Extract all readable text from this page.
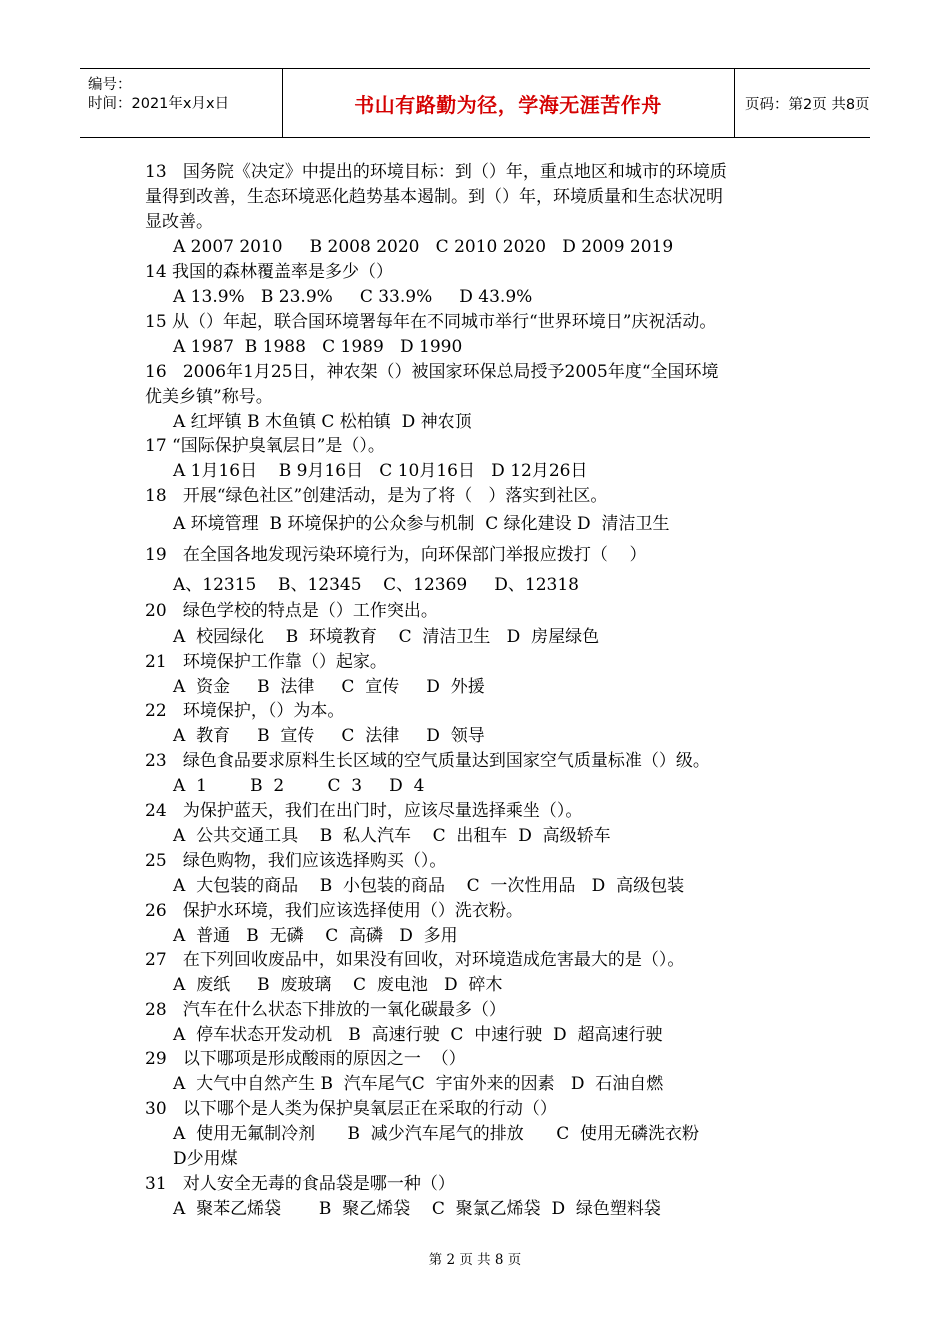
编号：
时间：2021年x月x日	书山有路勤为径，学海无涯苦作舟	页码：第2页 共8页
13   国务院《决定》中提出的环境目标：到（）年，重点地区和城市的环境质
量得到改善，生态环境恶化趋势基本遏制。到（）年，环境质量和生态状况明
显改善。
A 2007 2010     B 2008 2020   C 2010 2020   D 2009 2019
14 我国的森林覆盖率是多少（）
A 13.9%   B 23.9%     C 33.9%     D 43.9%
15 从（）年起，联合国环境署每年在不同城市举行“世界环境日”庆祝活动。
A 1987  B 1988   C 1989   D 1990
16   2006年1月25日，神农架（）被国家环保总局授予2005年度“全国环境
优美乡镇”称号。
A 红坪镇 B 木鱼镇 C 松柏镇  D 神农顶
17 “国际保护臭氧层日”是（）。
A 1月16日    B 9月16日   C 10月16日   D 12月26日
18   开展“绿色社区”创建活动，是为了将（   ）落实到社区。
A 环境管理  B 环境保护的公众参与机制  C 绿化建设 D  清洁卫生
19   在全国各地发现污染环境行为，向环保部门举报应拨打（    ）
A、12315    B、12345    C、12369     D、12318
20   绿色学校的特点是（）工作突出。
A  校园绿化    B  环境教育    C  清洁卫生   D  房屋绿色
21   环境保护工作靠（）起家。
A  资金     B  法律     C  宣传     D  外援
22   环境保护，（）为本。
A  教育     B  宣传     C  法律     D  领导
23   绿色食品要求原料生长区域的空气质量达到国家空气质量标准（）级。
A  1        B  2        C  3     D  4
24   为保护蓝天，我们在出门时，应该尽量选择乘坐（）。
A  公共交通工具    B  私人汽车    C  出租车  D  高级轿车
25   绿色购物，我们应该选择购买（）。
A  大包装的商品    B  小包装的商品    C  一次性用品   D  高级包装
26   保护水环境，我们应该选择使用（）洗衣粉。
A  普通   B  无磷    C  高磷   D  多用
27   在下列回收废品中，如果没有回收，对环境造成危害最大的是（）。
A  废纸     B  废玻璃    C  废电池   D  碎木
28   汽车在什么状态下排放的一氧化碳最多（）
A  停车状态开发动机   B  高速行驶  C  中速行驶  D  超高速行驶
29   以下哪项是形成酸雨的原因之一  （）
A  大气中自然产生 B  汽车尾气C  宇宙外来的因素   D  石油自燃
30   以下哪个是人类为保护臭氧层正在采取的行动（）
A  使用无氟制冷剂      B  减少汽车尾气的排放      C  使用无磷洗衣粉
D少用煤
31   对人安全无毒的食品袋是哪一种（）
A  聚苯乙烯袋       B  聚乙烯袋    C  聚氯乙烯袋  D  绿色塑料袋
第 2 页 共 8 页
